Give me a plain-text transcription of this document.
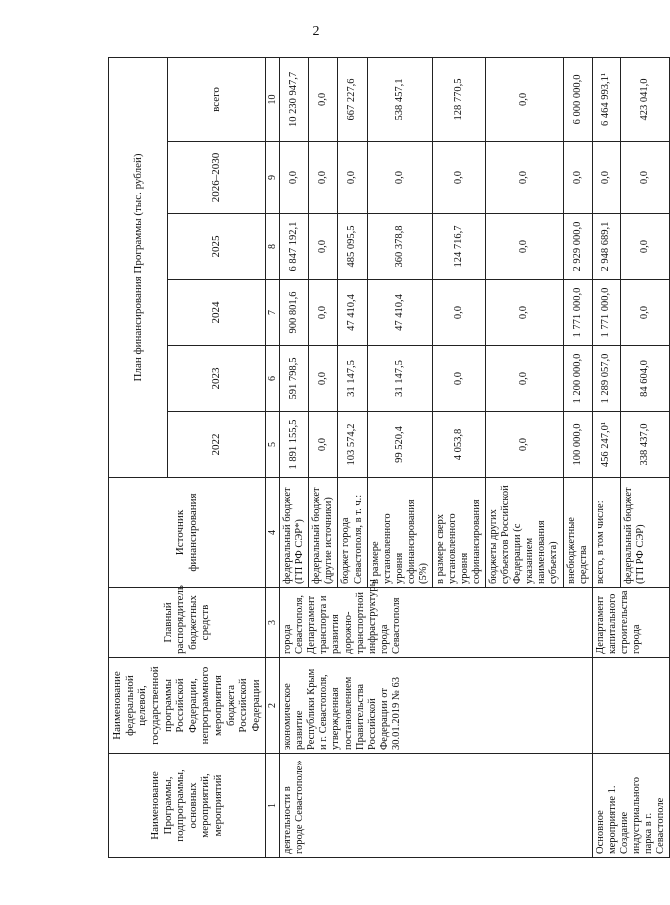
2
Наименование Программы, подпрограммы, основных мероприятий, мероприятий	Наименование федеральной целевой, государственной программы Российской Федерации, непрограммного мероприятия бюджета Российской Федерации	Главный распорядитель бюджетных средств	Источник финансирования	План финансирования Программы (тыс. рублей)					
				2022	2023	2024	2025	2026–2030	всего
1	2	3	4	5	6	7	8	9	10
деятельности в городе Севастополе»	экономическое развитие Республики Крым и г. Севастополя, утвержденная постановлением Правительства Российской Федерации от 30.01.2019 № 63	города Севастополя, Департамент транспорта и развития дорожно-транспортной инфраструктуры города Севастополя	федеральный бюджет (ГП РФ СЭР*)	1 891 155,5	591 798,5	900 801,6	6 847 192,1	0,0	10 230 947,7
			федеральный бюджет (другие источники)	0,0	0,0	0,0	0,0	0,0	0,0
			бюджет города Севастополя, в т. ч.:	103 574,2	31 147,5	47 410,4	485 095,5	0,0	667 227,6
			в размере установленного уровня софинансирования (5%)	99 520,4	31 147,5	47 410,4	360 378,8	0,0	538 457,1
			в размере сверх установленного уровня софинансирования	4 053,8	0,0	0,0	124 716,7	0,0	128 770,5
			бюджеты других субъектов Российской Федерации (с указанием наименования субъекта)	0,0	0,0	0,0	0,0	0,0	0,0
			внебюджетные средства	100 000,0	1 200 000,0	1 771 000,0	2 929 000,0	0,0	6 000 000,0
Основное мероприятие 1. Создание индустриального парка в г. Севастополе		Департамент капитального строительства города	всего, в том числе:	456 247,0¹	1 289 057,0	1 771 000,0	2 948 689,1	0,0	6 464 993,1¹
			федеральный бюджет (ГП РФ СЭР)	338 437,0	84 604,0	0,0	0,0	0,0	423 041,0
